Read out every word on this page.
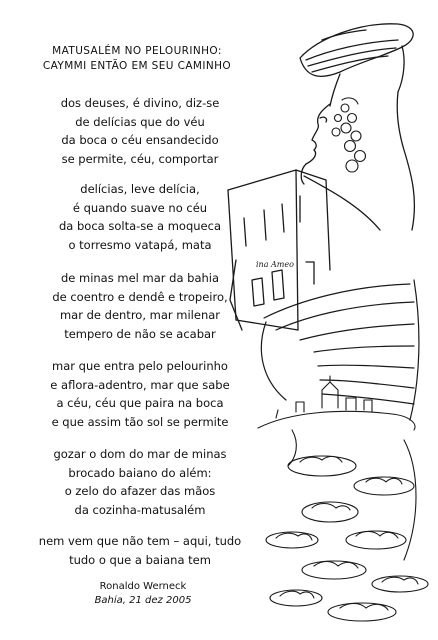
MATUSALÉM NO PELOURINHO:
CAYMMI ENTÃO EM SEU CAMINHO
dos deuses, é divino, diz-se
de delícias que do véu
da boca o céu ensandecido
se permite, céu, comportar
delícias, leve delícia,
é quando suave no céu
da boca solta-se a moqueca
o torresmo vatapá, mata
de minas mel mar da bahia
de coentro e dendê e tropeiro,
mar de dentro, mar milenar
tempero de não se acabar
mar que entra pelo pelourinho
e aflora-adentro, mar que sabe
a céu, céu que paira na boca
e que assim tão sol se permite
gozar o dom do mar de minas
brocado baiano do além:
o zelo do afazer das mãos
da cozinha-matusalém
nem vem que não tem – aqui, tudo
tudo o que a baiana tem
Ronaldo Werneck
Bahia, 21 dez 2005
ina Ameo
